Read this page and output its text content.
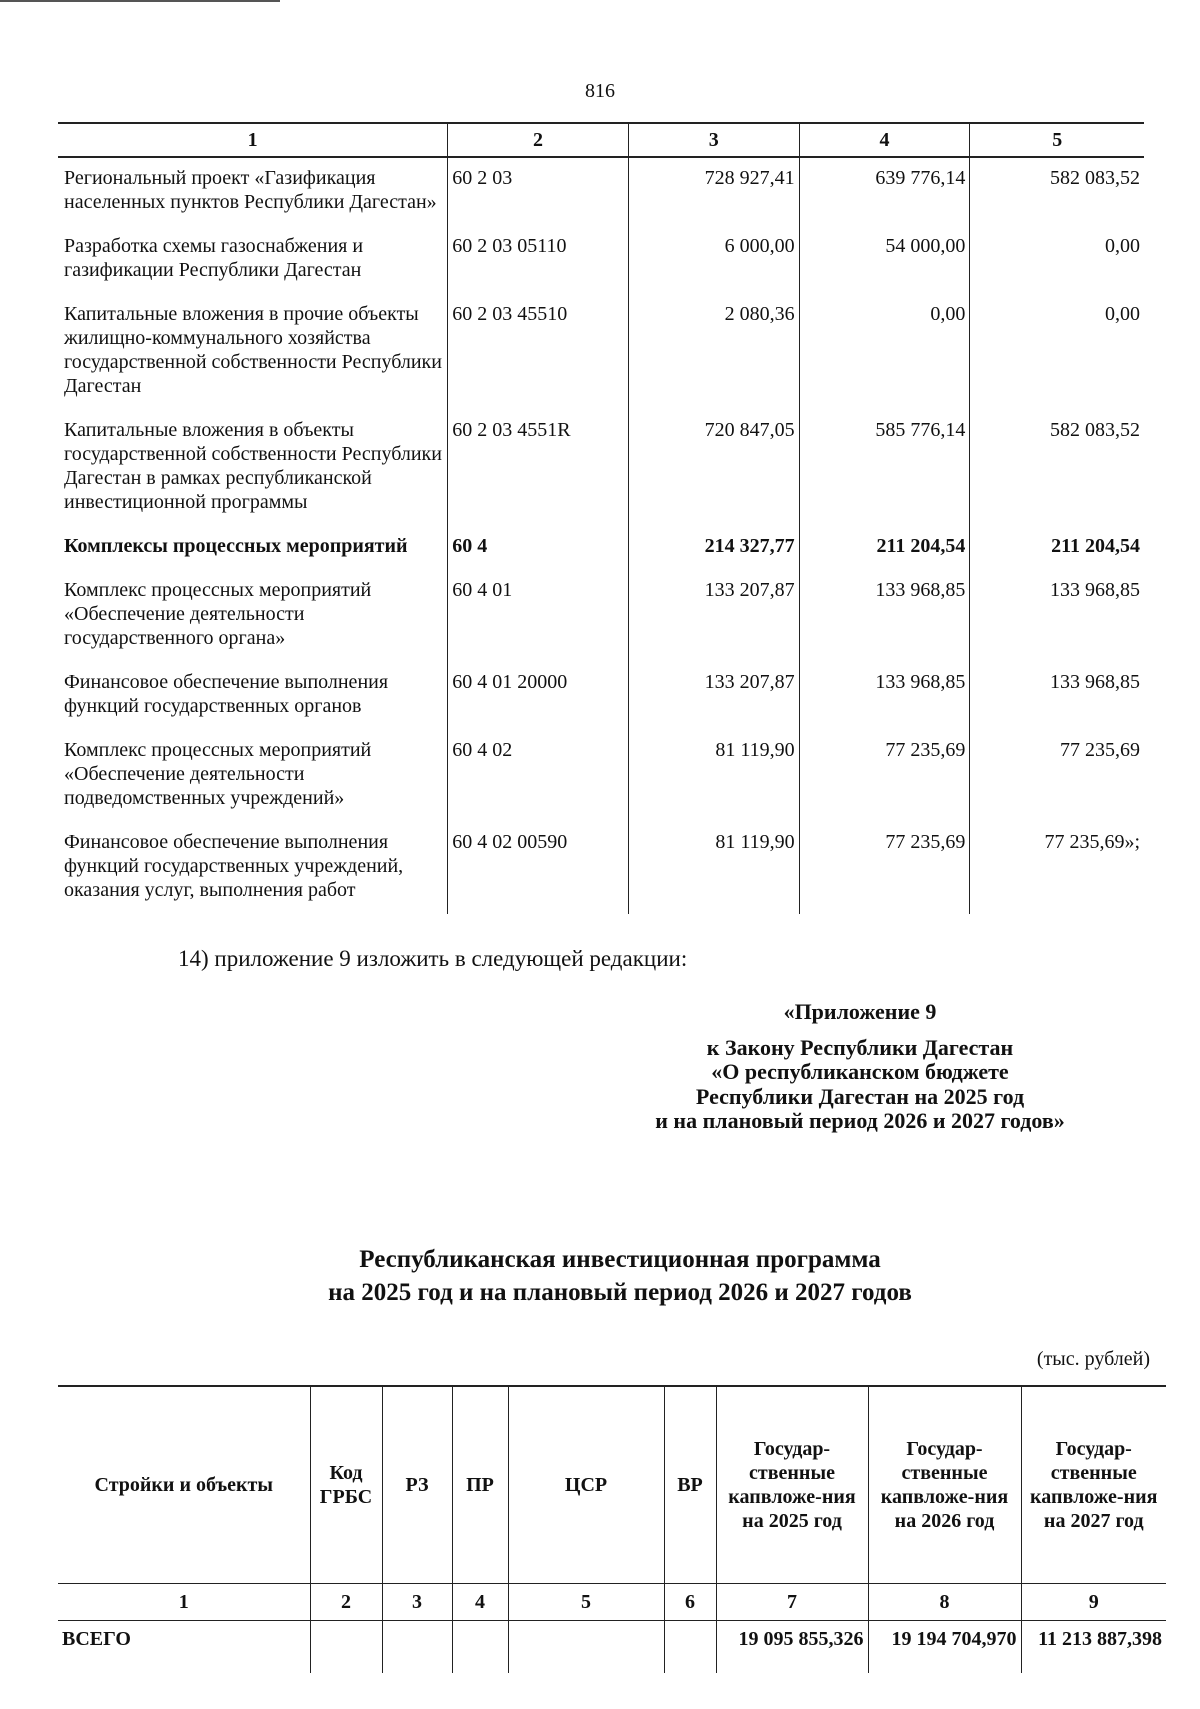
816
1	2	3	4	5
Региональный проект «Газификация населенных пунктов Республики Дагестан»	60 2 03	728 927,41	639 776,14	582 083,52
Разработка схемы газоснабжения и газификации Республики Дагестан	60 2 03 05110	6 000,00	54 000,00	0,00
Капитальные вложения в прочие объекты жилищно-коммунального хозяйства государственной собственности Республики Дагестан	60 2 03 45510	2 080,36	0,00	0,00
Капитальные вложения в объекты государственной собственности Республики Дагестан в рамках республиканской инвестиционной программы	60 2 03 4551R	720 847,05	585 776,14	582 083,52
Комплексы процессных мероприятий	60 4	214 327,77	211 204,54	211 204,54
Комплекс процессных мероприятий «Обеспечение деятельности государственного органа»	60 4 01	133 207,87	133 968,85	133 968,85
Финансовое обеспечение выполнения функций государственных органов	60 4 01 20000	133 207,87	133 968,85	133 968,85
Комплекс процессных мероприятий «Обеспечение деятельности подведомственных учреждений»	60 4 02	81 119,90	77 235,69	77 235,69
Финансовое обеспечение выполнения функций государственных учреждений, оказания услуг, выполнения работ	60 4 02 00590	81 119,90	77 235,69	77 235,69»;
14) приложение 9 изложить в следующей редакции:
«Приложение 9
к Закону Республики Дагестан
«О республиканском бюджете
Республики Дагестан на 2025 год
и на плановый период 2026 и 2027 годов»
Республиканская инвестиционная программа
на 2025 год и на плановый период 2026 и 2027 годов
(тыс. рублей)
Стройки и объекты	Код ГРБС	РЗ	ПР	ЦСР	ВР	Государ-ственные капвложе-ния на 2025 год	Государ-ственные капвложе-ния на 2026 год	Государ-ственные капвложе-ния на 2027 год
1	2	3	4	5	6	7	8	9
ВСЕГО						19 095 855,326	19 194 704,970	11 213 887,398
